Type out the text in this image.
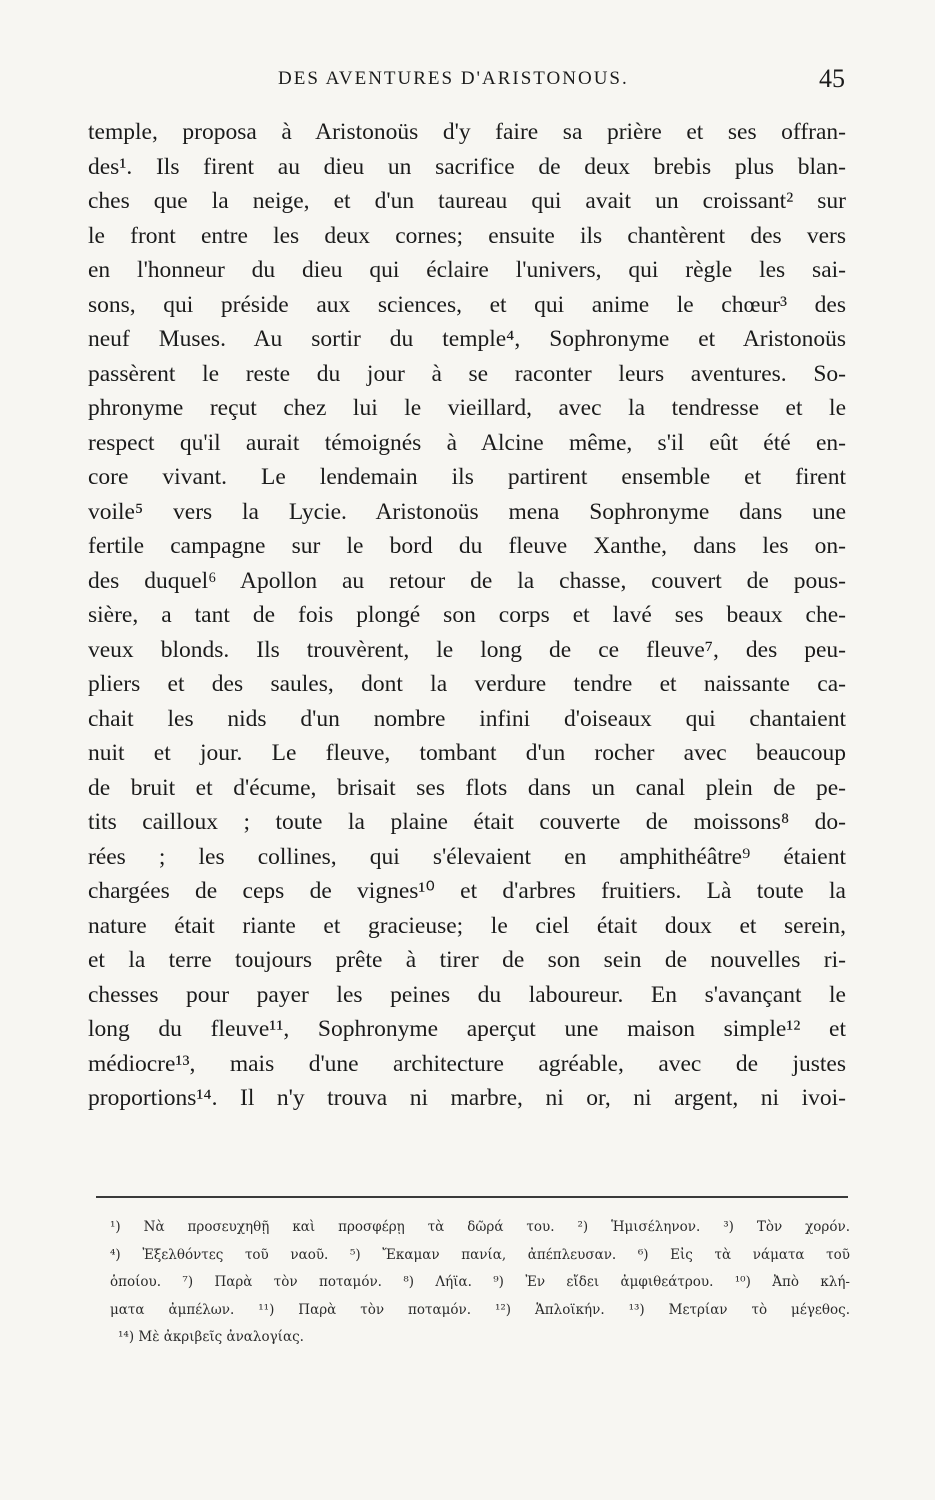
DES AVENTURES D'ARISTONOUS.	45
temple, proposa à Aristonoüs d'y faire sa prière et ses offran-
des¹. Ils firent au dieu un sacrifice de deux brebis plus blan-
ches que la neige, et d'un taureau qui avait un croissant² sur
le front entre les deux cornes; ensuite ils chantèrent des vers
en l'honneur du dieu qui éclaire l'univers, qui règle les sai-
sons, qui préside aux sciences, et qui anime le chœur³ des
neuf Muses. Au sortir du temple⁴, Sophronyme et Aristonoüs
passèrent le reste du jour à se raconter leurs aventures. So-
phronyme reçut chez lui le vieillard, avec la tendresse et le
respect qu'il aurait témoignés à Alcine même, s'il eût été en-
core vivant. Le lendemain ils partirent ensemble et firent
voile⁵ vers la Lycie. Aristonoüs mena Sophronyme dans une
fertile campagne sur le bord du fleuve Xanthe, dans les on-
des duquel⁶ Apollon au retour de la chasse, couvert de pous-
sière, a tant de fois plongé son corps et lavé ses beaux che-
veux blonds. Ils trouvèrent, le long de ce fleuve⁷, des peu-
pliers et des saules, dont la verdure tendre et naissante ca-
chait les nids d'un nombre infini d'oiseaux qui chantaient
nuit et jour. Le fleuve, tombant d'un rocher avec beaucoup
de bruit et d'écume, brisait ses flots dans un canal plein de pe-
tits cailloux ; toute la plaine était couverte de moissons⁸ do-
rées ; les collines, qui s'élevaient en amphithéâtre⁹ étaient
chargées de ceps de vignes¹⁰ et d'arbres fruitiers. Là toute la
nature était riante et gracieuse; le ciel était doux et serein,
et la terre toujours prête à tirer de son sein de nouvelles ri-
chesses pour payer les peines du laboureur. En s'avançant le
long du fleuve¹¹, Sophronyme aperçut une maison simple¹² et
médiocre¹³, mais d'une architecture agréable, avec de justes
proportions¹⁴. Il n'y trouva ni marbre, ni or, ni argent, ni ivoi-
¹) Νὰ προσευχηθῇ καὶ προσφέρῃ τὰ δῶρά του. ²) Ἡμισέληνον. ³) Τὸν χορόν.
⁴) Ἐξελθόντες τοῦ ναοῦ. ⁵) Ἔκαμαν πανία, ἀπέπλευσαν. ⁶) Εἰς τὰ νάματα τοῦ
ὁποίου. ⁷) Παρὰ τὸν ποταμόν. ⁸) Λήϊα. ⁹) Ἐν εἴδει ἀμφιθεάτρου. ¹⁰) Ἀπὸ κλή-
ματα ἀμπέλων. ¹¹) Παρὰ τὸν ποταμόν. ¹²) Ἁπλοϊκήν. ¹³) Μετρίαν τὸ μέγεθος.
¹⁴) Μὲ ἀκριβεῖς ἀναλογίας.
